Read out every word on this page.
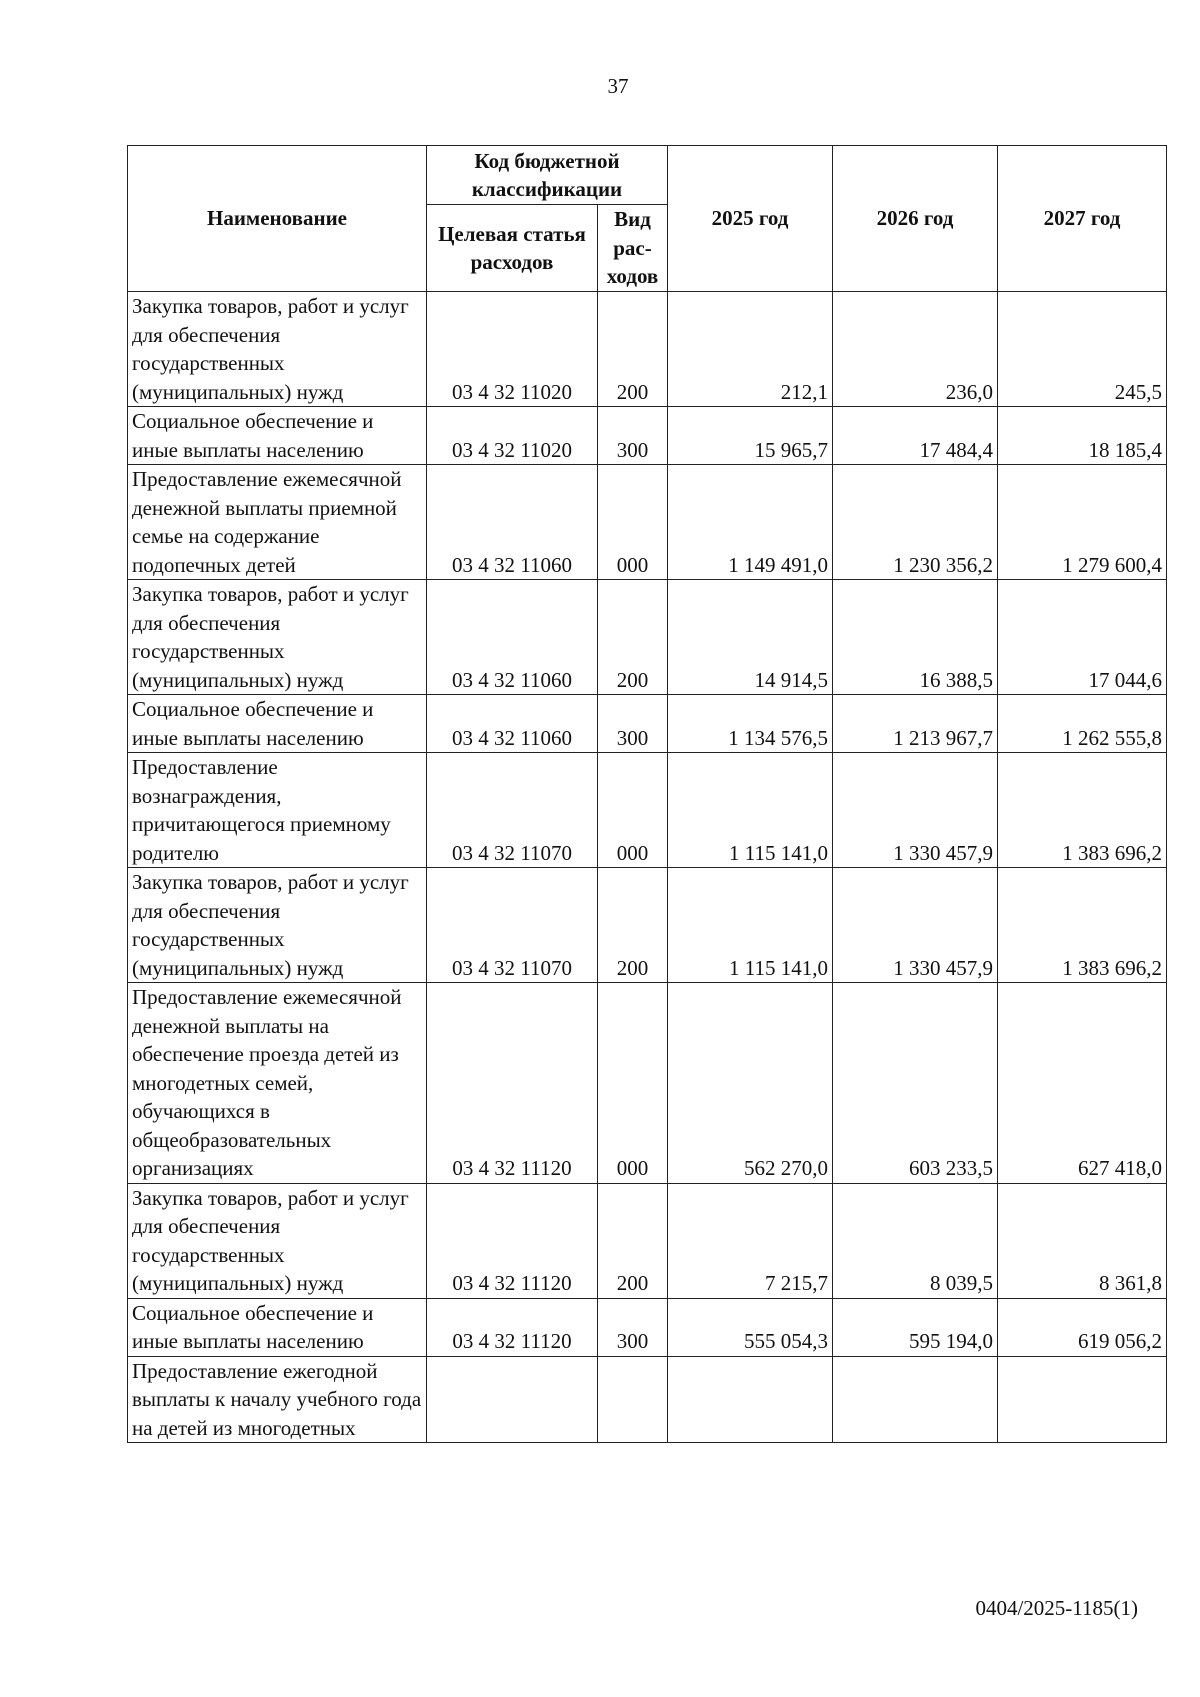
37
Наименование	Код бюджетной классификации		2025 год	2026 год	2027 год
	Целевая статья расходов	Вид рас-ходов			
Закупка товаров, работ и услуг для обеспечения государственных (муниципальных) нужд	03 4 32 11020	200	212,1	236,0	245,5
Социальное обеспечение и иные выплаты населению	03 4 32 11020	300	15 965,7	17 484,4	18 185,4
Предоставление ежемесячной денежной выплаты приемной семье на содержание подопечных детей	03 4 32 11060	000	1 149 491,0	1 230 356,2	1 279 600,4
Закупка товаров, работ и услуг для обеспечения государственных (муниципальных) нужд	03 4 32 11060	200	14 914,5	16 388,5	17 044,6
Социальное обеспечение и иные выплаты населению	03 4 32 11060	300	1 134 576,5	1 213 967,7	1 262 555,8
Предоставление вознаграждения, причитающегося приемному родителю	03 4 32 11070	000	1 115 141,0	1 330 457,9	1 383 696,2
Закупка товаров, работ и услуг для обеспечения государственных (муниципальных) нужд	03 4 32 11070	200	1 115 141,0	1 330 457,9	1 383 696,2
Предоставление ежемесячной денежной выплаты на обеспечение проезда детей из многодетных семей, обучающихся в общеобразовательных организациях	03 4 32 11120	000	562 270,0	603 233,5	627 418,0
Закупка товаров, работ и услуг для обеспечения государственных (муниципальных) нужд	03 4 32 11120	200	7 215,7	8 039,5	8 361,8
Социальное обеспечение и иные выплаты населению	03 4 32 11120	300	555 054,3	595 194,0	619 056,2
Предоставление ежегодной выплаты к началу учебного года на детей из многодетных					
0404/2025-1185(1)
